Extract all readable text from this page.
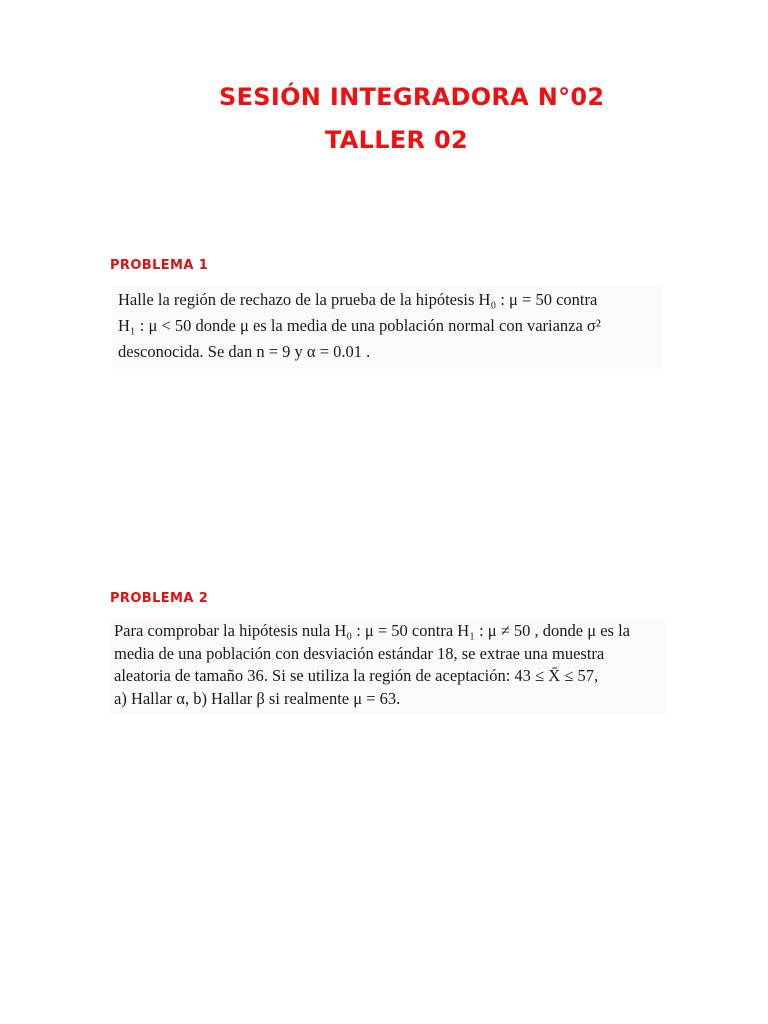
SESIÓN INTEGRADORA N°02
TALLER 02
PROBLEMA 1
Halle la región de rechazo de la prueba de la hipótesis H₀ : μ = 50 contra
H₁ : μ < 50 donde μ es la media de una población normal con varianza σ²
desconocida. Se dan n = 9 y α = 0.01 .
PROBLEMA 2
Para comprobar la hipótesis nula H₀ : μ = 50 contra H₁ : μ ≠ 50 , donde μ es la
media de una población con desviación estándar 18, se extrae una muestra
aleatoria de tamaño 36. Si se utiliza la región de aceptación: 43 ≤ X̄ ≤ 57,
a) Hallar α, b) Hallar β si realmente μ = 63.
